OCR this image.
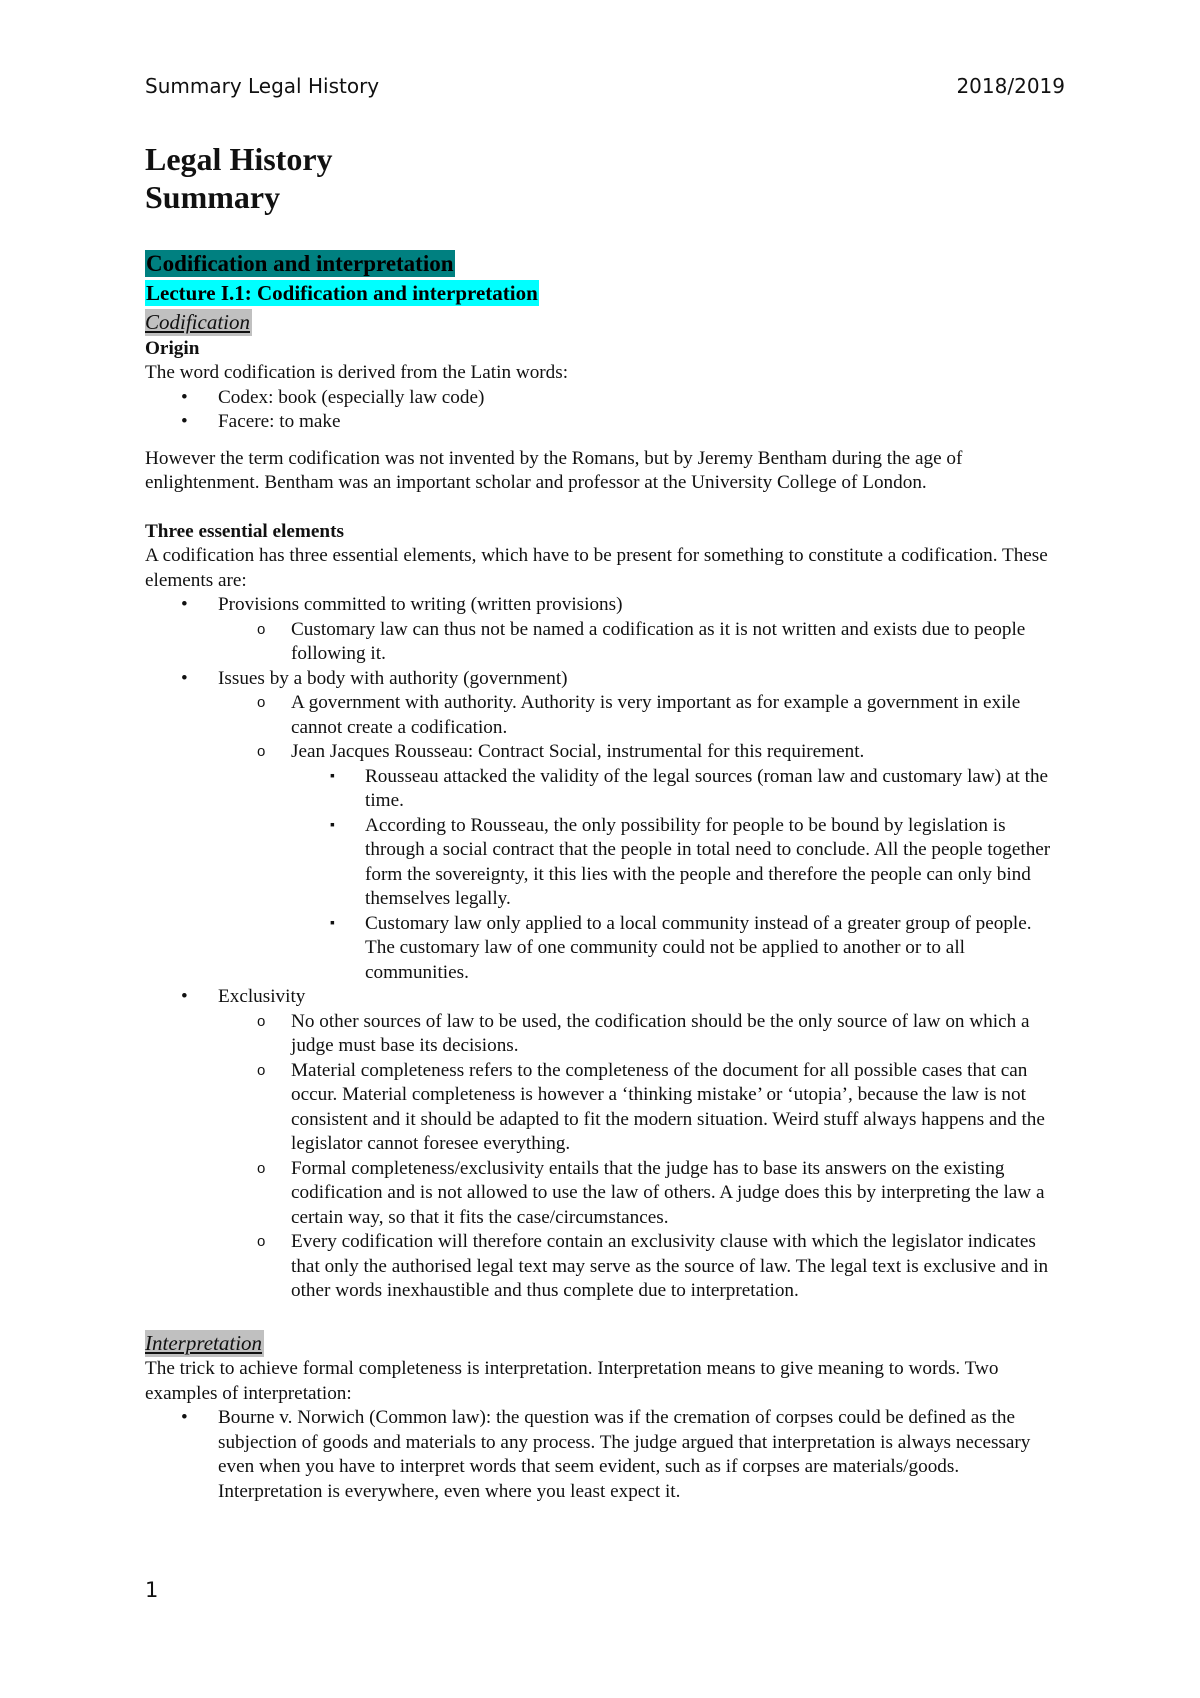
Summary Legal History	2018/2019
Legal History
Summary
Codification and interpretation
Lecture I.1: Codification and interpretation
Codification
Origin
The word codification is derived from the Latin words:
• Codex: book (especially law code)
• Facere: to make
However the term codification was not invented by the Romans, but by Jeremy Bentham during the age of enlightenment. Bentham was an important scholar and professor at the University College of London.
Three essential elements
A codification has three essential elements, which have to be present for something to constitute a codification. These elements are:
• Provisions committed to writing (written provisions)
o Customary law can thus not be named a codification as it is not written and exists due to people following it.
• Issues by a body with authority (government)
o A government with authority. Authority is very important as for example a government in exile cannot create a codification.
o Jean Jacques Rousseau: Contract Social, instrumental for this requirement.
▪ Rousseau attacked the validity of the legal sources (roman law and customary law) at the time.
▪ According to Rousseau, the only possibility for people to be bound by legislation is through a social contract that the people in total need to conclude. All the people together form the sovereignty, it this lies with the people and therefore the people can only bind themselves legally.
▪ Customary law only applied to a local community instead of a greater group of people. The customary law of one community could not be applied to another or to all communities.
• Exclusivity
o No other sources of law to be used, the codification should be the only source of law on which a judge must base its decisions.
o Material completeness refers to the completeness of the document for all possible cases that can occur. Material completeness is however a ‘thinking mistake’ or ‘utopia’, because the law is not consistent and it should be adapted to fit the modern situation. Weird stuff always happens and the legislator cannot foresee everything.
o Formal completeness/exclusivity entails that the judge has to base its answers on the existing codification and is not allowed to use the law of others. A judge does this by interpreting the law a certain way, so that it fits the case/circumstances.
o Every codification will therefore contain an exclusivity clause with which the legislator indicates that only the authorised legal text may serve as the source of law. The legal text is exclusive and in other words inexhaustible and thus complete due to interpretation.
Interpretation
The trick to achieve formal completeness is interpretation. Interpretation means to give meaning to words. Two examples of interpretation:
• Bourne v. Norwich (Common law): the question was if the cremation of corpses could be defined as the subjection of goods and materials to any process. The judge argued that interpretation is always necessary even when you have to interpret words that seem evident, such as if corpses are materials/goods. Interpretation is everywhere, even where you least expect it.
1
